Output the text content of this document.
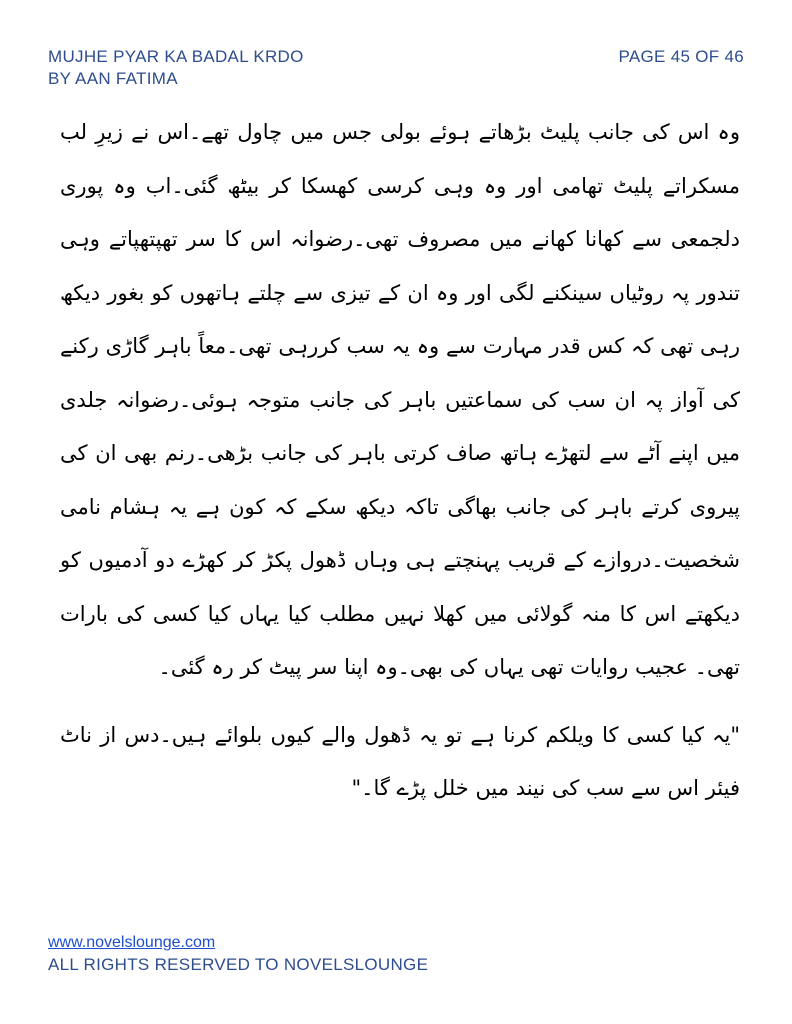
MUJHE PYAR KA BADAL KRDO
BY AAN FATIMA
PAGE 45 OF 46

وہ اس کی جانب پلیٹ بڑھاتے ہوئے بولی جس میں چاول تھے۔اس نے زیرِ لب مسکراتے پلیٹ تھامی اور وہ وہی کرسی کھسکا کر بیٹھ گئی۔اب وہ پوری دلجمعی سے کھانا کھانے میں مصروف تھی۔رضوانہ اس کا سر تھپتھپاتے وہی تندور پہ روٹیاں سینکنے لگی اور وہ ان کے تیزی سے چلتے ہاتھوں کو بغور دیکھ رہی تھی کہ کس قدر مہارت سے وہ یہ سب کررہی تھی۔معاً باہر گاڑی رکنے کی آواز پہ ان سب کی سماعتیں باہر کی جانب متوجہ ہوئی۔رضوانہ جلدی میں اپنے آٹے سے لتھڑے ہاتھ صاف کرتی باہر کی جانب بڑھی۔رنم بھی ان کی پیروی کرتے باہر کی جانب بھاگی تاکہ دیکھ سکے کہ کون ہے یہ ہشام نامی شخصیت۔دروازے کے قریب پہنچتے ہی وہاں ڈھول پکڑ کر کھڑے دو آدمیوں کو دیکھتے اس کا منہ گولائی میں کھلا نہیں مطلب کیا یہاں کیا کسی کی بارات تھی۔ عجیب روایات تھی یہاں کی بھی۔وہ اپنا سر پیٹ کر رہ گئی۔

"یہ کیا کسی کا ویلکم کرنا ہے تو یہ ڈھول والے کیوں بلوائے ہیں۔دس از ناٹ فیئر اس سے سب کی نیند میں خلل پڑے گا۔"

www.novelslounge.com
ALL RIGHTS RESERVED TO NOVELSLOUNGE
